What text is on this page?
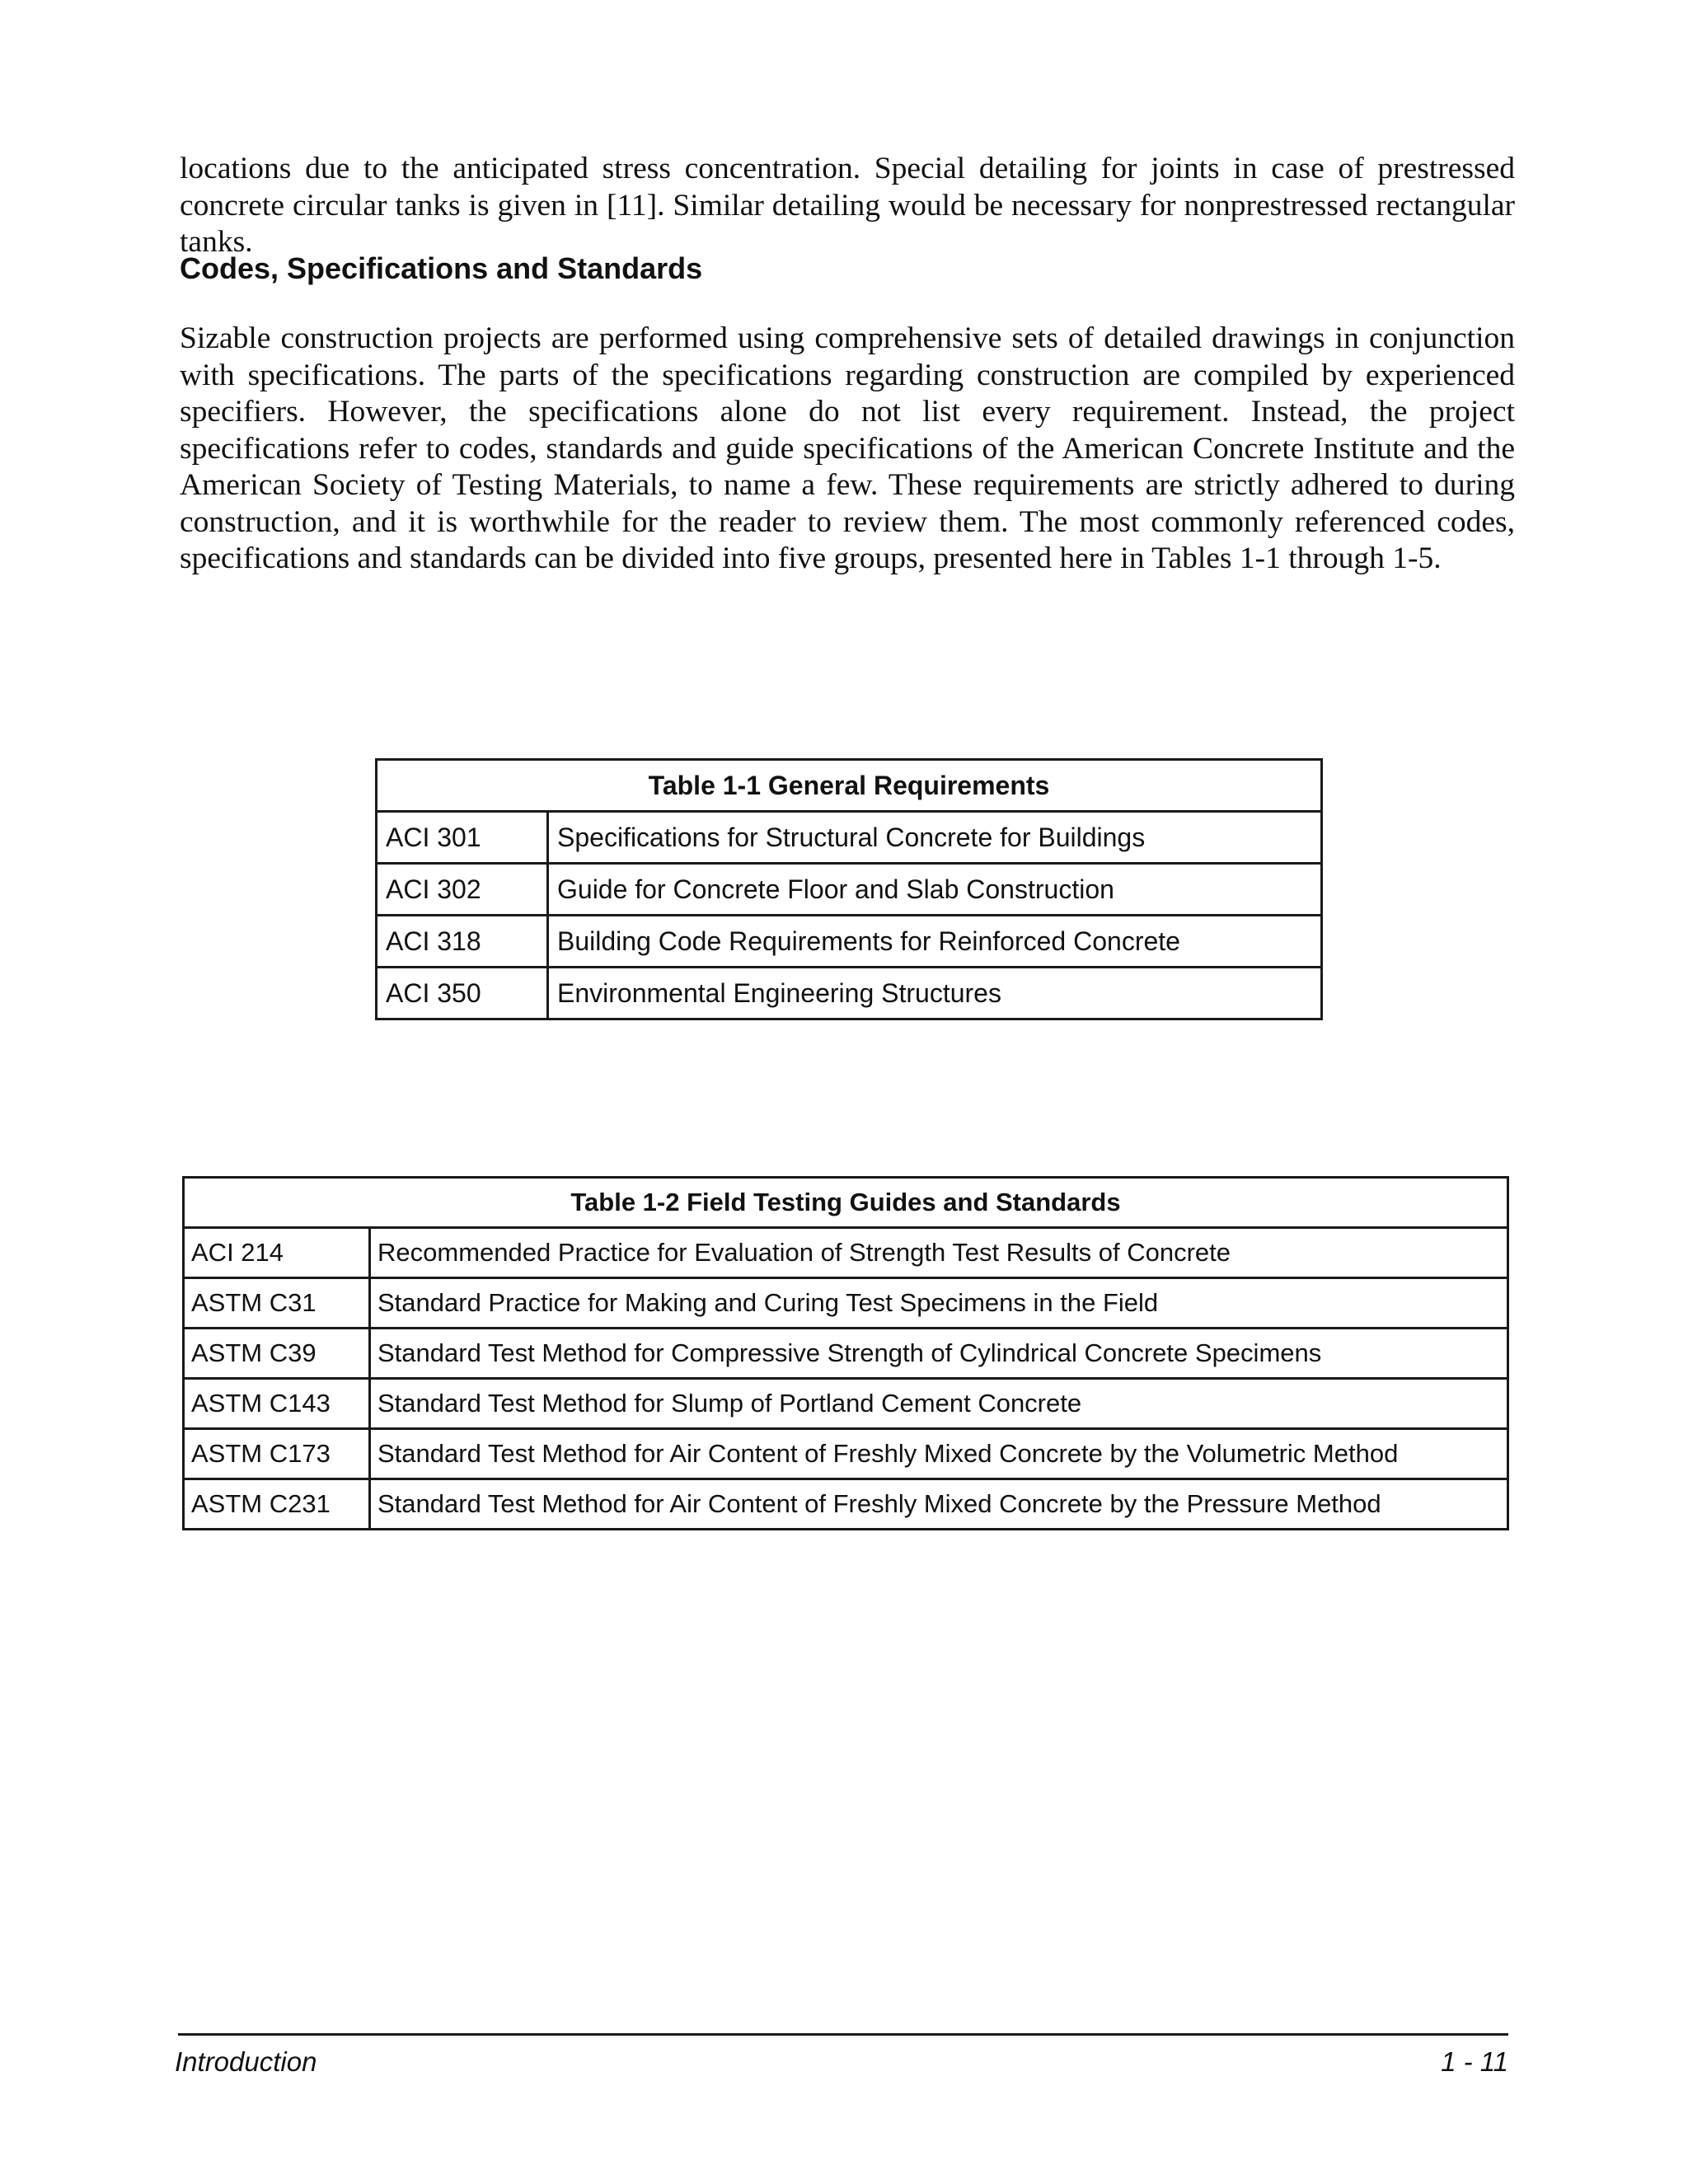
locations due to the anticipated stress concentration. Special detailing for joints in case of prestressed concrete circular tanks is given in [11]. Similar detailing would be necessary for nonprestressed rectangular tanks.

Codes, Specifications and Standards

Sizable construction projects are performed using comprehensive sets of detailed drawings in conjunction with specifications. The parts of the specifications regarding construction are compiled by experienced specifiers. However, the specifications alone do not list every requirement. Instead, the project specifications refer to codes, standards and guide specifications of the American Concrete Institute and the American Society of Testing Materials, to name a few. These requirements are strictly adhered to during construction, and it is worthwhile for the reader to review them. The most commonly referenced codes, specifications and standards can be divided into five groups, presented here in Tables 1-1 through 1-5.

Table 1-1 General Requirements	
ACI 301	Specifications for Structural Concrete for Buildings
ACI 302	Guide for Concrete Floor and Slab Construction
ACI 318	Building Code Requirements for Reinforced Concrete
ACI 350	Environmental Engineering Structures
Table 1-2 Field Testing Guides and Standards	
ACI 214	Recommended Practice for Evaluation of Strength Test Results of Concrete
ASTM C31	Standard Practice for Making and Curing Test Specimens in the Field
ASTM C39	Standard Test Method for Compressive Strength of Cylindrical Concrete Specimens
ASTM C143	Standard Test Method for Slump of Portland Cement Concrete
ASTM C173	Standard Test Method for Air Content of Freshly Mixed Concrete by the Volumetric Method
ASTM C231	Standard Test Method for Air Content of Freshly Mixed Concrete by the Pressure Method

Introduction	1 - 11
